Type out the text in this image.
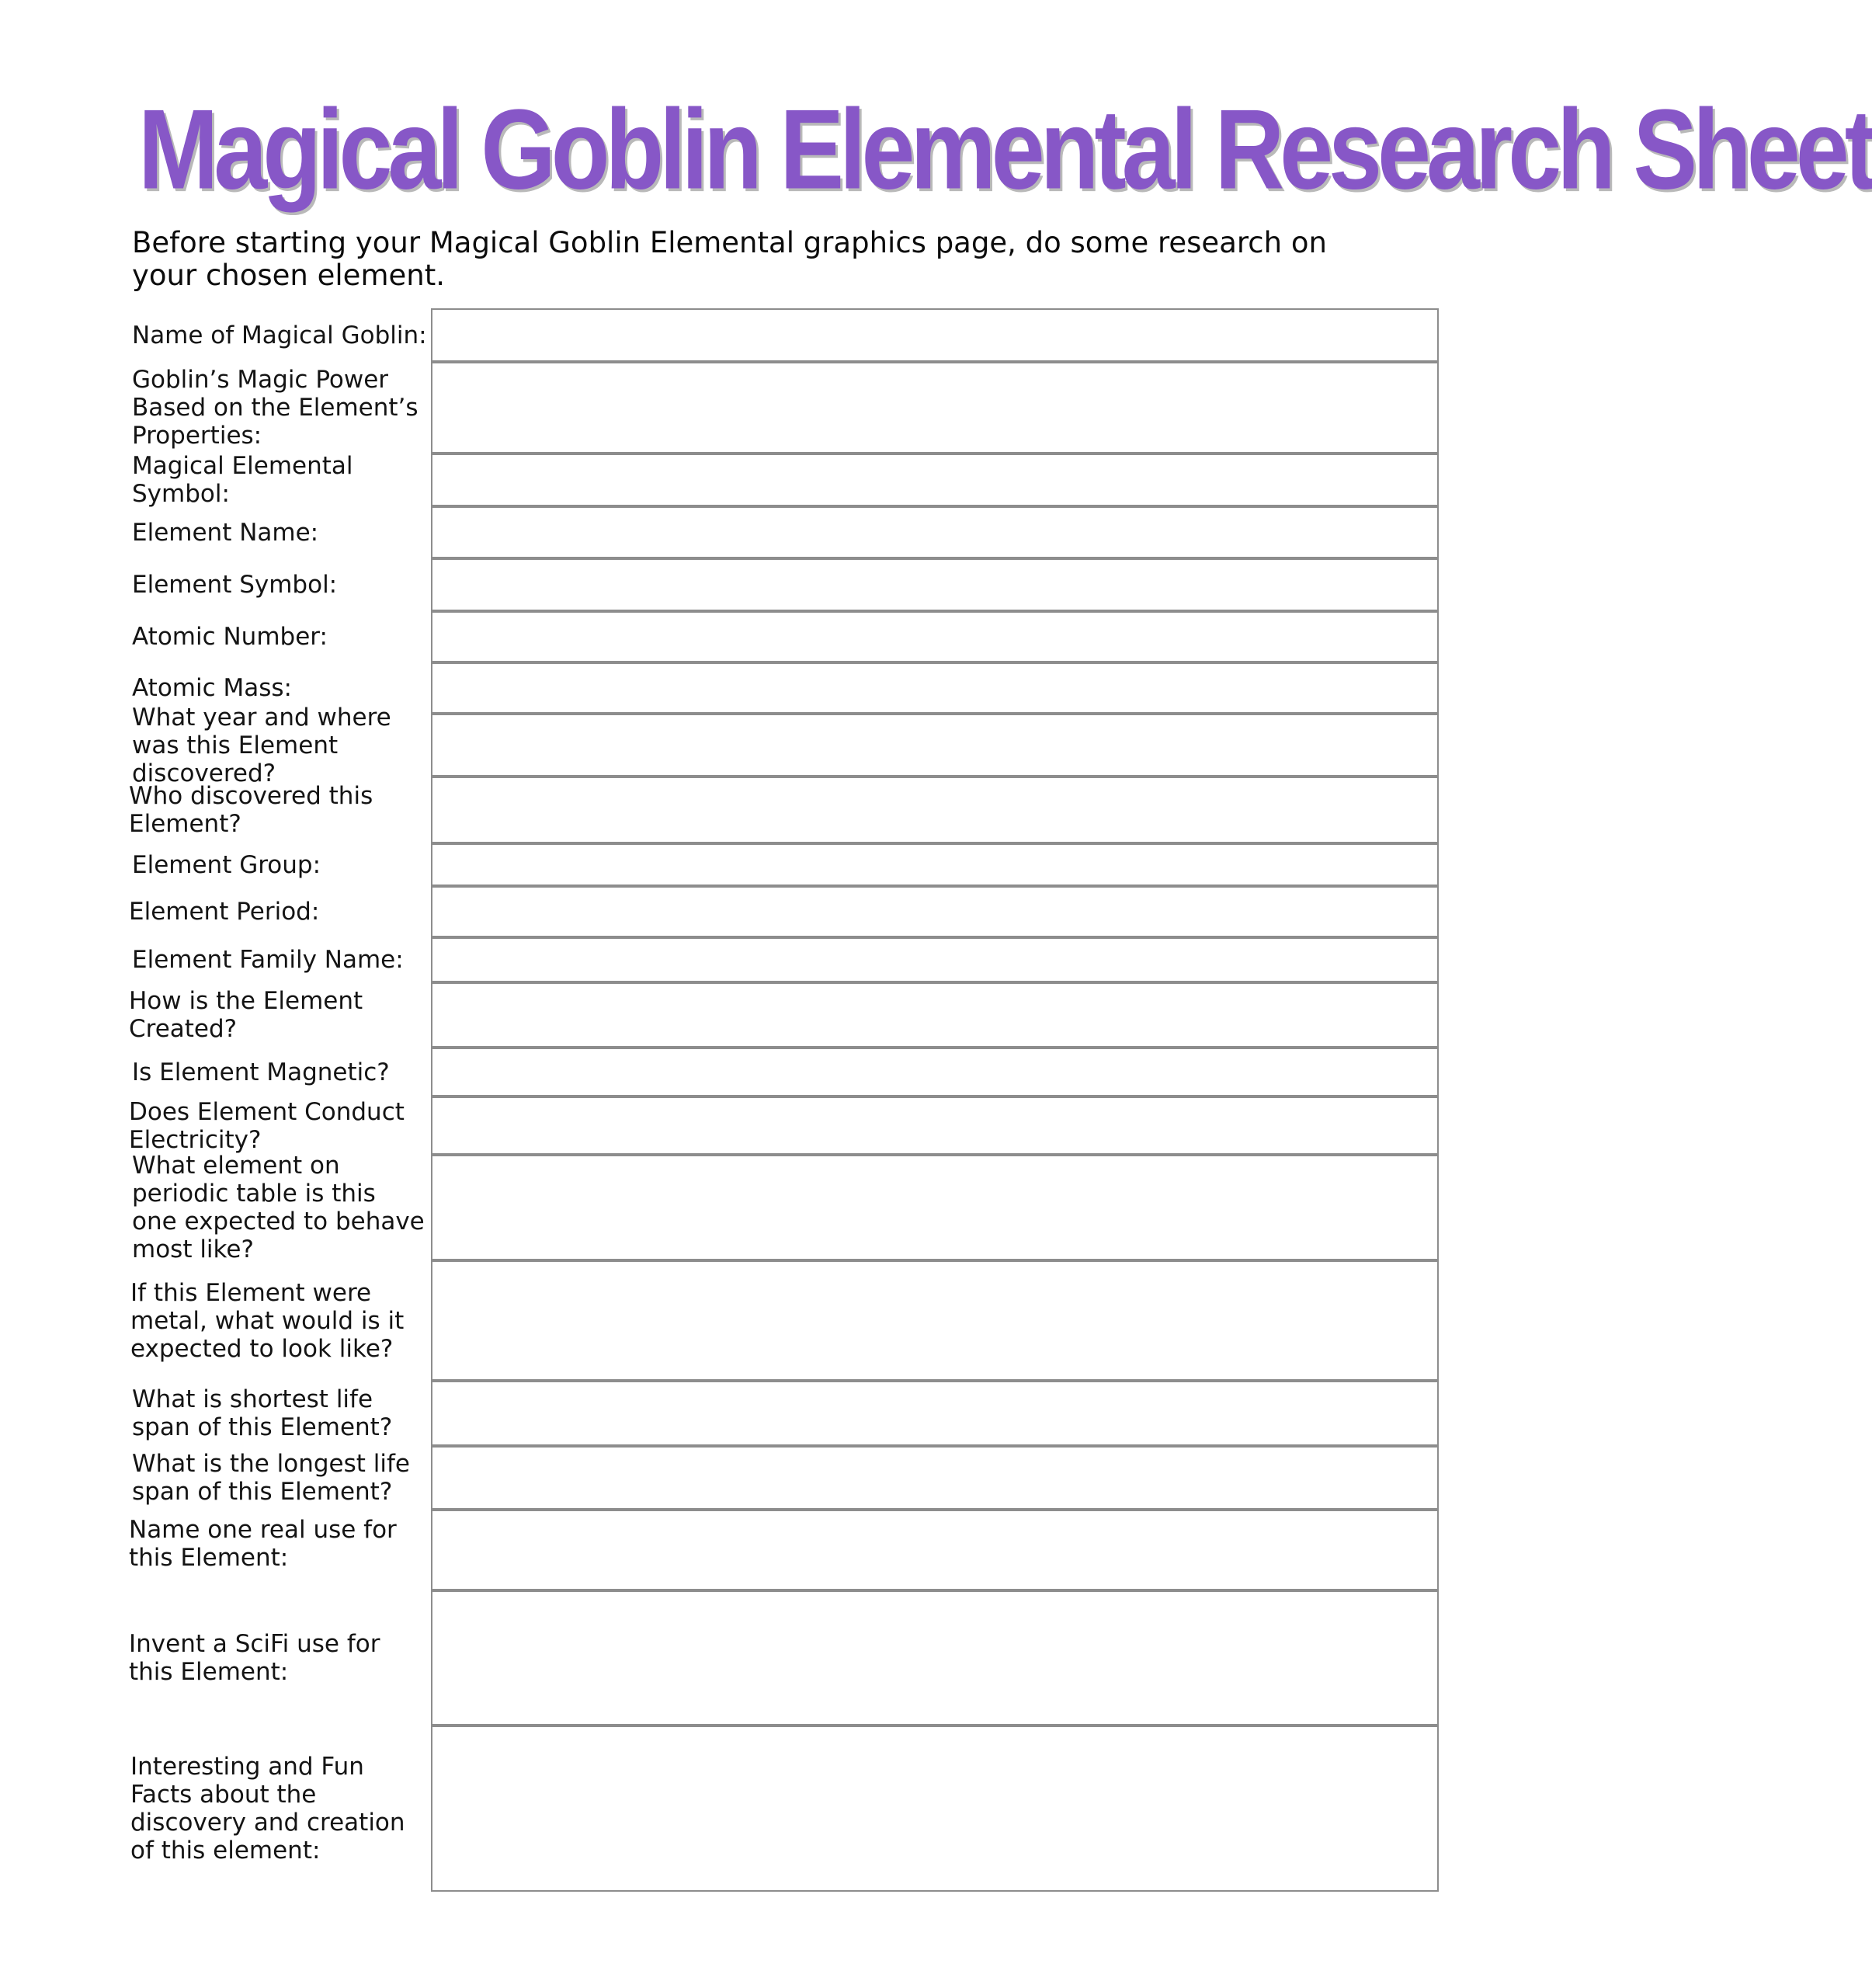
Magical Goblin Elemental Research Sheet

Before starting your Magical Goblin Elemental graphics page, do some research on your chosen element.

Name of Magical Goblin:
Goblin’s Magic Power Based on the Element’s Properties:
Magical Elemental Symbol:
Element Name:
Element Symbol:
Atomic Number:
Atomic Mass:
What year and where was this Element discovered?
Who discovered this Element?
Element Group:
Element Period:
Element Family Name:
How is the Element Created?
Is Element Magnetic?
Does Element Conduct Electricity?
What element on periodic table is this one expected to behave most like?
If this Element were metal, what would is it expected to look like?
What is shortest life span of this Element?
What is the longest life span of this Element?
Name one real use for this Element:
Invent a SciFi use for this Element:
Interesting and Fun Facts about the discovery and creation of this element:
